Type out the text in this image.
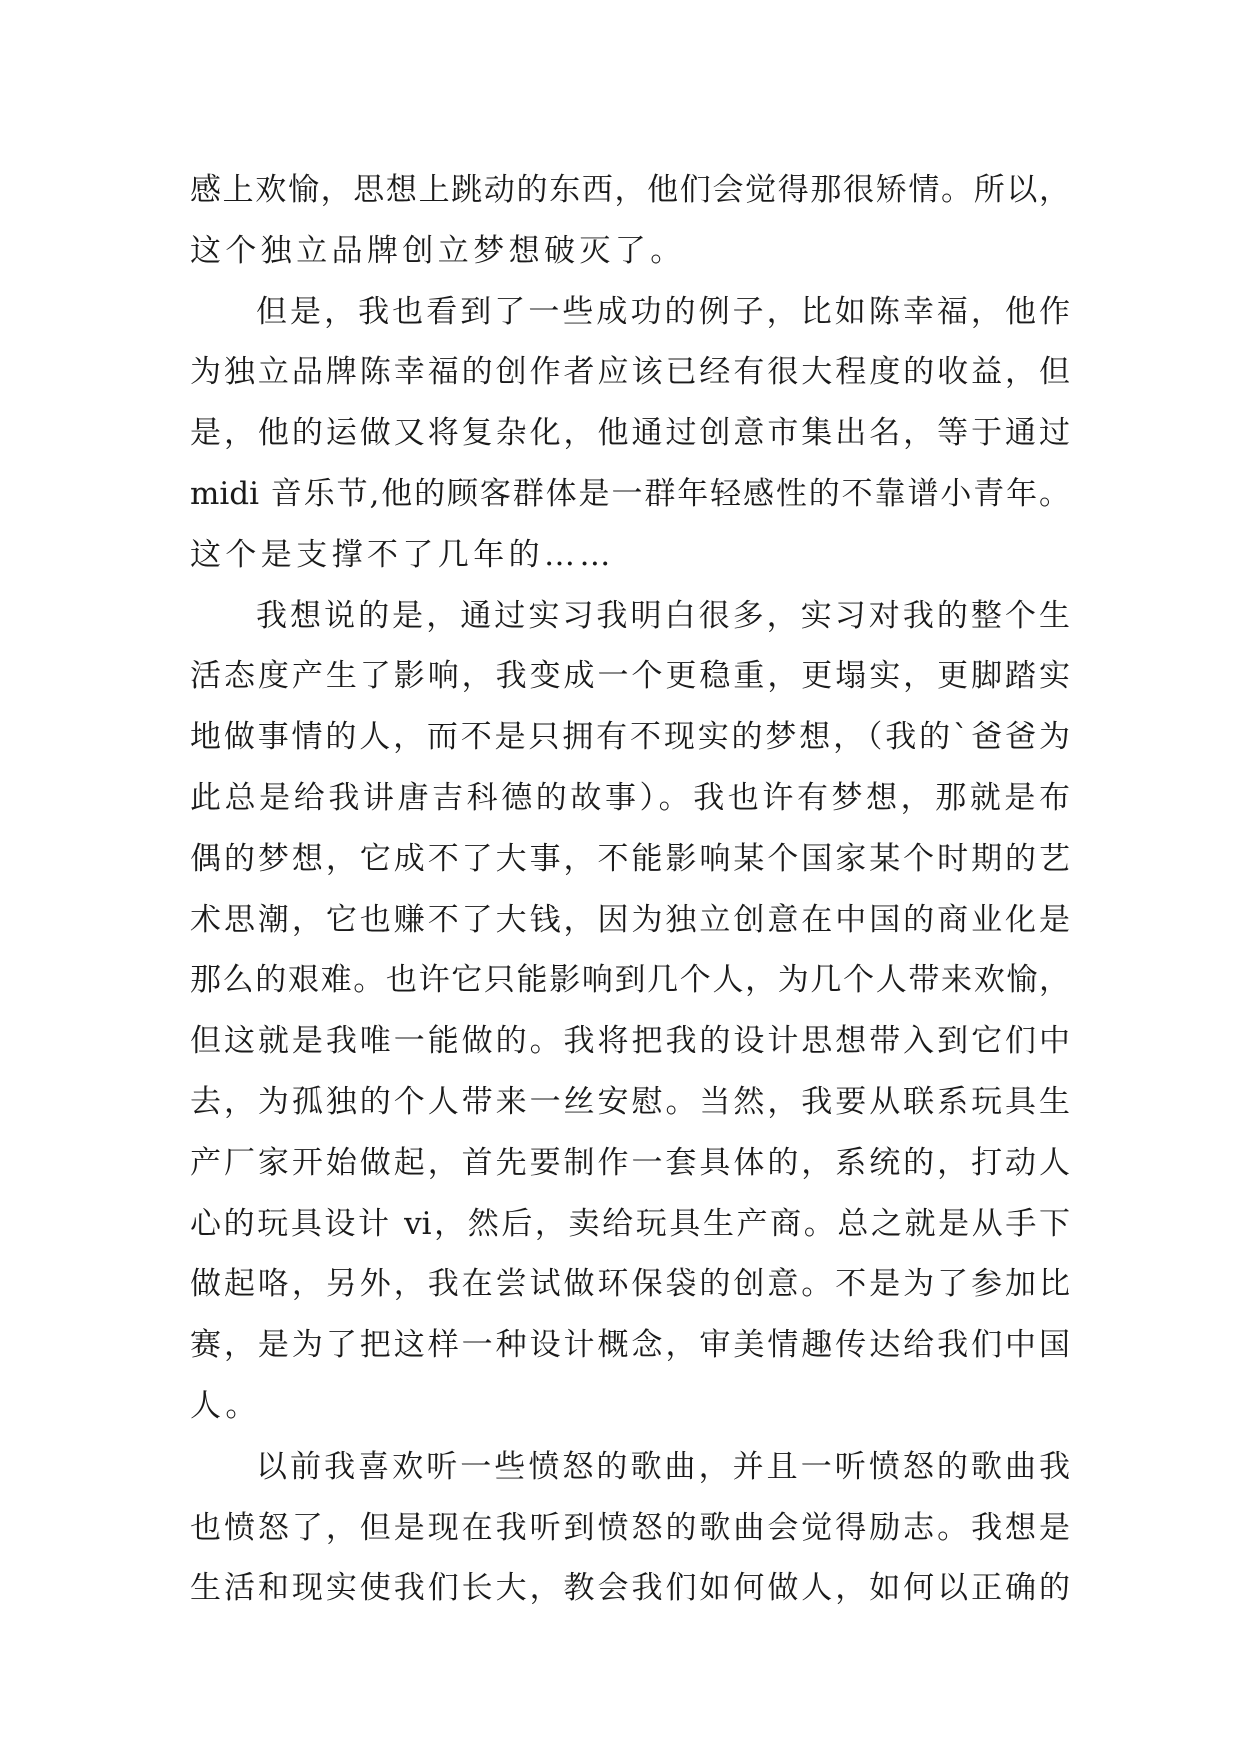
感上欢愉，思想上跳动的东西，他们会觉得那很矫情。所以，
这个独立品牌创立梦想破灭了。
但是，我也看到了一些成功的例子，比如陈幸福，他作
为独立品牌陈幸福的创作者应该已经有很大程度的收益，但
是，他的运做又将复杂化，他通过创意市集出名，等于通过
midi 音乐节,他的顾客群体是一群年轻感性的不靠谱小青年。
这个是支撑不了几年的……
我想说的是，通过实习我明白很多，实习对我的整个生
活态度产生了影响，我变成一个更稳重，更塌实，更脚踏实
地做事情的人，而不是只拥有不现实的梦想，（我的`爸爸为
此总是给我讲唐吉科德的故事）。我也许有梦想，那就是布
偶的梦想，它成不了大事，不能影响某个国家某个时期的艺
术思潮，它也赚不了大钱，因为独立创意在中国的商业化是
那么的艰难。也许它只能影响到几个人，为几个人带来欢愉，
但这就是我唯一能做的。我将把我的设计思想带入到它们中
去，为孤独的个人带来一丝安慰。当然，我要从联系玩具生
产厂家开始做起，首先要制作一套具体的，系统的，打动人
心的玩具设计 vi，然后，卖给玩具生产商。总之就是从手下
做起咯，另外，我在尝试做环保袋的创意。不是为了参加比
赛，是为了把这样一种设计概念，审美情趣传达给我们中国
人。
以前我喜欢听一些愤怒的歌曲，并且一听愤怒的歌曲我
也愤怒了，但是现在我听到愤怒的歌曲会觉得励志。我想是
生活和现实使我们长大，教会我们如何做人，如何以正确的
